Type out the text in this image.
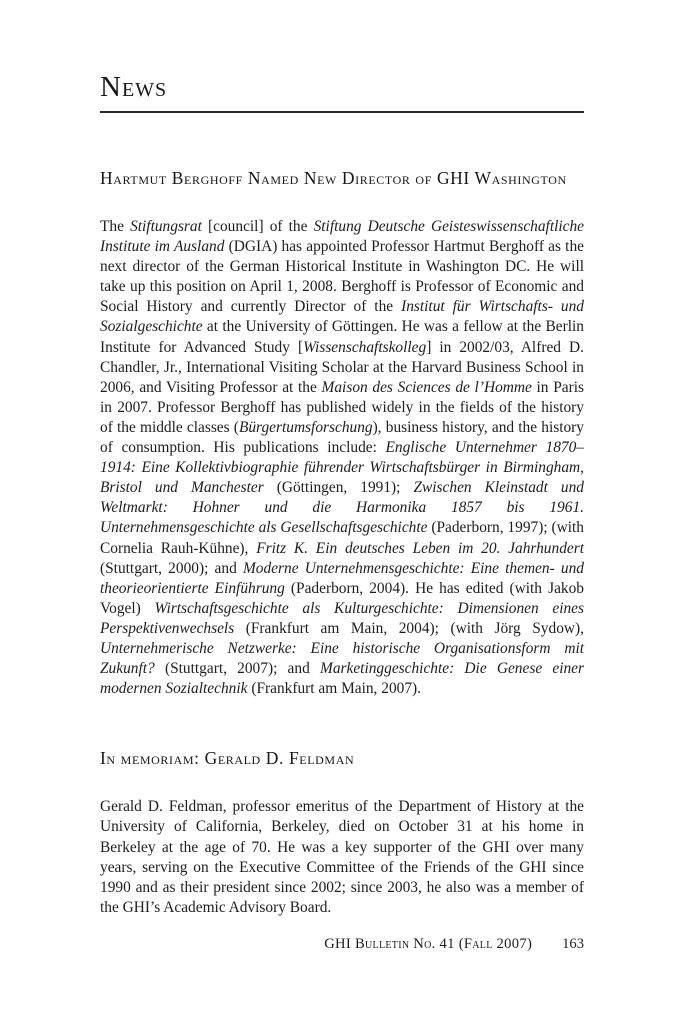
News
Hartmut Berghoff Named New Director of GHI Washington

The Stiftungsrat [council] of the Stiftung Deutsche Geisteswissenschaftliche Institute im Ausland (DGIA) has appointed Professor Hartmut Berghoff as the next director of the German Historical Institute in Washington DC. He will take up this position on April 1, 2008. Berghoff is Professor of Economic and Social History and currently Director of the Institut für Wirtschafts- und Sozialgeschichte at the University of Göttingen. He was a fellow at the Berlin Institute for Advanced Study [Wissenschaftskolleg] in 2002/03, Alfred D. Chandler, Jr., International Visiting Scholar at the Harvard Business School in 2006, and Visiting Professor at the Maison des Sciences de l’Homme in Paris in 2007. Professor Berghoff has published widely in the fields of the history of the middle classes (Bürgertumsforschung), business history, and the history of consumption. His publications include: Englische Unternehmer 1870–1914: Eine Kollektivbiographie führender Wirtschaftsbürger in Birmingham, Bristol und Manchester (Göttingen, 1991); Zwischen Kleinstadt und Weltmarkt: Hohner und die Harmonika 1857 bis 1961. Unternehmensgeschichte als Gesellschaftsgeschichte (Paderborn, 1997); (with Cornelia Rauh-Kühne), Fritz K. Ein deutsches Leben im 20. Jahrhundert (Stuttgart, 2000); and Moderne Unternehmensgeschichte: Eine themen- und theorieorientierte Einführung (Paderborn, 2004). He has edited (with Jakob Vogel) Wirtschaftsgeschichte als Kulturgeschichte: Dimensionen eines Perspektivenwechsels (Frankfurt am Main, 2004); (with Jörg Sydow), Unternehmerische Netzwerke: Eine historische Organisationsform mit Zukunft? (Stuttgart, 2007); and Marketinggeschichte: Die Genese einer modernen Sozialtechnik (Frankfurt am Main, 2007).

In memoriam: Gerald D. Feldman

Gerald D. Feldman, professor emeritus of the Department of History at the University of California, Berkeley, died on October 31 at his home in Berkeley at the age of 70. He was a key supporter of the GHI over many years, serving on the Executive Committee of the Friends of the GHI since 1990 and as their president since 2002; since 2003, he also was a member of the GHI’s Academic Advisory Board.

GHI Bulletin No. 41 (Fall 2007) 163
